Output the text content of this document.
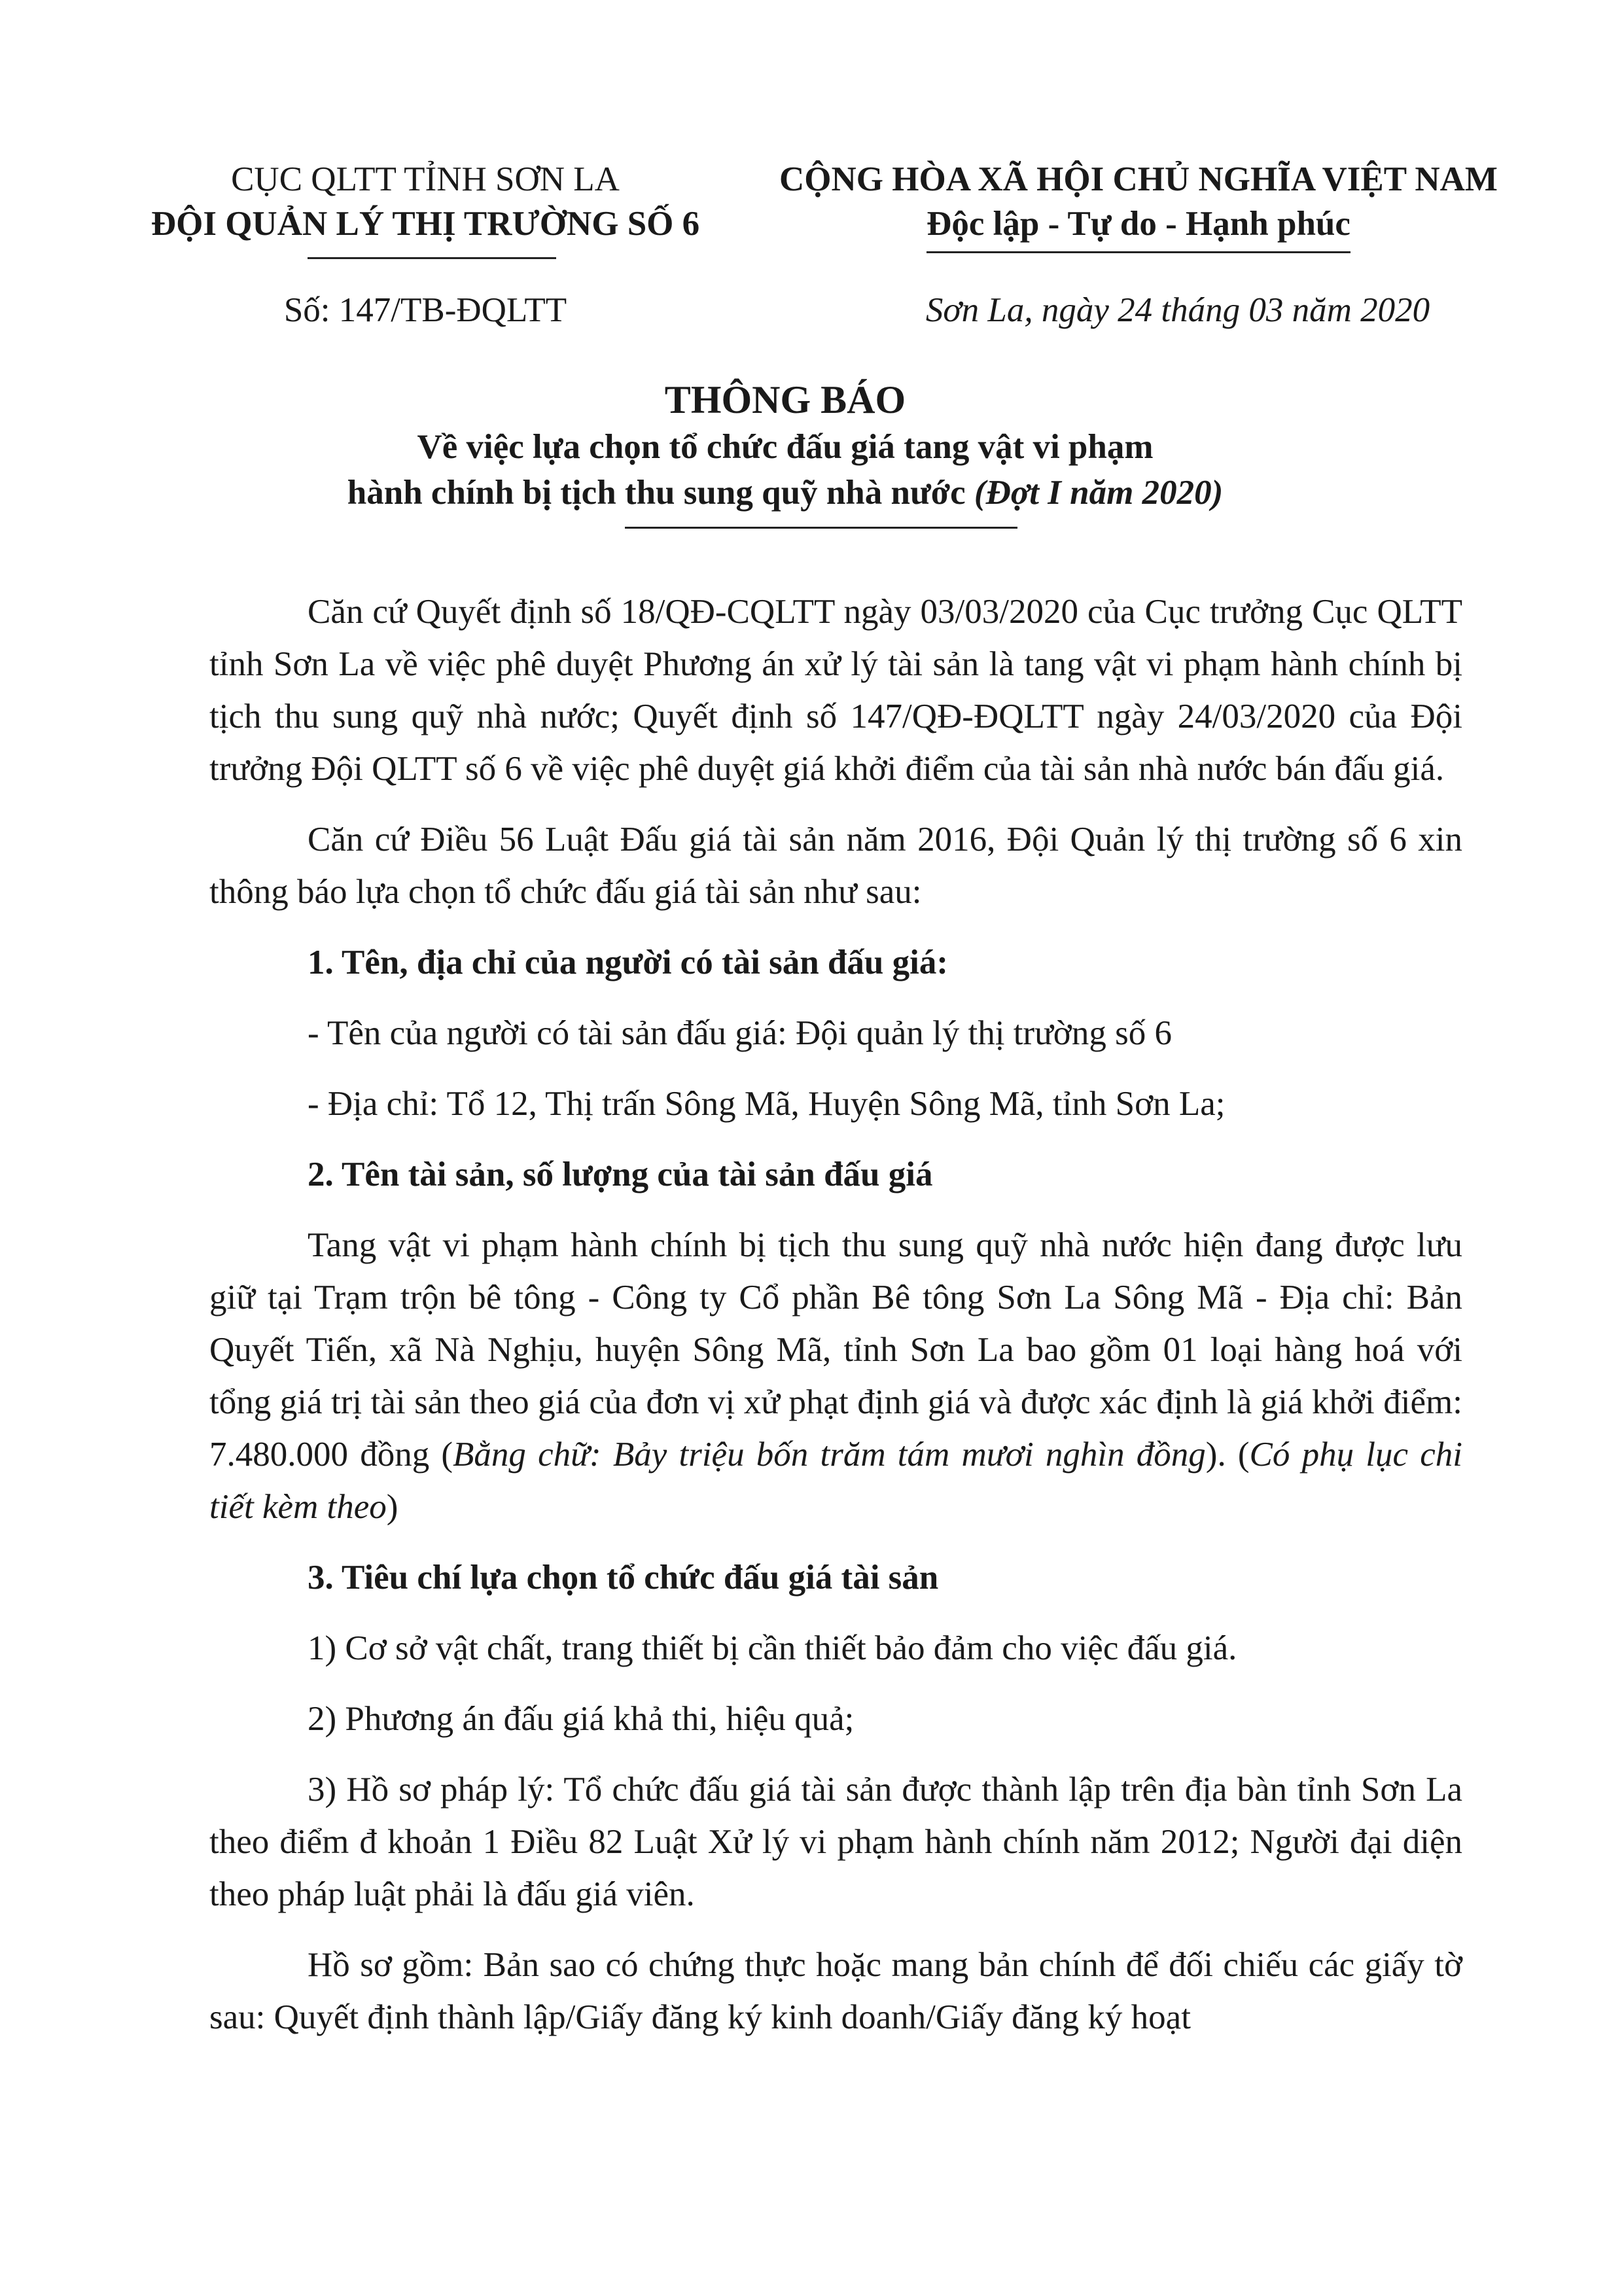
CỤC QLTT TỈNH SƠN LA
ĐỘI QUẢN LÝ THỊ TRƯỜNG SỐ 6
CỘNG HÒA XÃ HỘI CHỦ NGHĨA VIỆT NAM
Độc lập - Tự do - Hạnh phúc
Số: 147/TB-ĐQLTT	Sơn La, ngày 24 tháng 03 năm 2020
THÔNG BÁO
Về việc lựa chọn tổ chức đấu giá tang vật vi phạm
hành chính bị tịch thu sung quỹ nhà nước (Đợt I năm 2020)

Căn cứ Quyết định số 18/QĐ-CQLTT ngày 03/03/2020 của Cục trưởng Cục QLTT tỉnh Sơn La về việc phê duyệt Phương án xử lý tài sản là tang vật vi phạm hành chính bị tịch thu sung quỹ nhà nước; Quyết định số 147/QĐ-ĐQLTT ngày 24/03/2020 của Đội trưởng Đội QLTT số 6 về việc phê duyệt giá khởi điểm của tài sản nhà nước bán đấu giá.

Căn cứ Điều 56 Luật Đấu giá tài sản năm 2016, Đội Quản lý thị trường số 6 xin thông báo lựa chọn tổ chức đấu giá tài sản như sau:

1. Tên, địa chỉ của người có tài sản đấu giá:

- Tên của người có tài sản đấu giá: Đội quản lý thị trường số 6

- Địa chỉ: Tổ 12, Thị trấn Sông Mã, Huyện Sông Mã, tỉnh Sơn La;

2. Tên tài sản, số lượng của tài sản đấu giá

Tang vật vi phạm hành chính bị tịch thu sung quỹ nhà nước hiện đang được lưu giữ tại Trạm trộn bê tông - Công ty Cổ phần Bê tông Sơn La Sông Mã - Địa chỉ: Bản Quyết Tiến, xã Nà Nghịu, huyện Sông Mã, tỉnh Sơn La bao gồm 01 loại hàng hoá với tổng giá trị tài sản theo giá của đơn vị xử phạt định giá và được xác định là giá khởi điểm: 7.480.000 đồng (Bằng chữ: Bảy triệu bốn trăm tám mươi nghìn đồng). (Có phụ lục chi tiết kèm theo)

3. Tiêu chí lựa chọn tổ chức đấu giá tài sản

1) Cơ sở vật chất, trang thiết bị cần thiết bảo đảm cho việc đấu giá.

2) Phương án đấu giá khả thi, hiệu quả;

3) Hồ sơ pháp lý: Tổ chức đấu giá tài sản được thành lập trên địa bàn tỉnh Sơn La theo điểm đ khoản 1 Điều 82 Luật Xử lý vi phạm hành chính năm 2012; Người đại diện theo pháp luật phải là đấu giá viên.

Hồ sơ gồm: Bản sao có chứng thực hoặc mang bản chính để đối chiếu các giấy tờ sau: Quyết định thành lập/Giấy đăng ký kinh doanh/Giấy đăng ký hoạt
